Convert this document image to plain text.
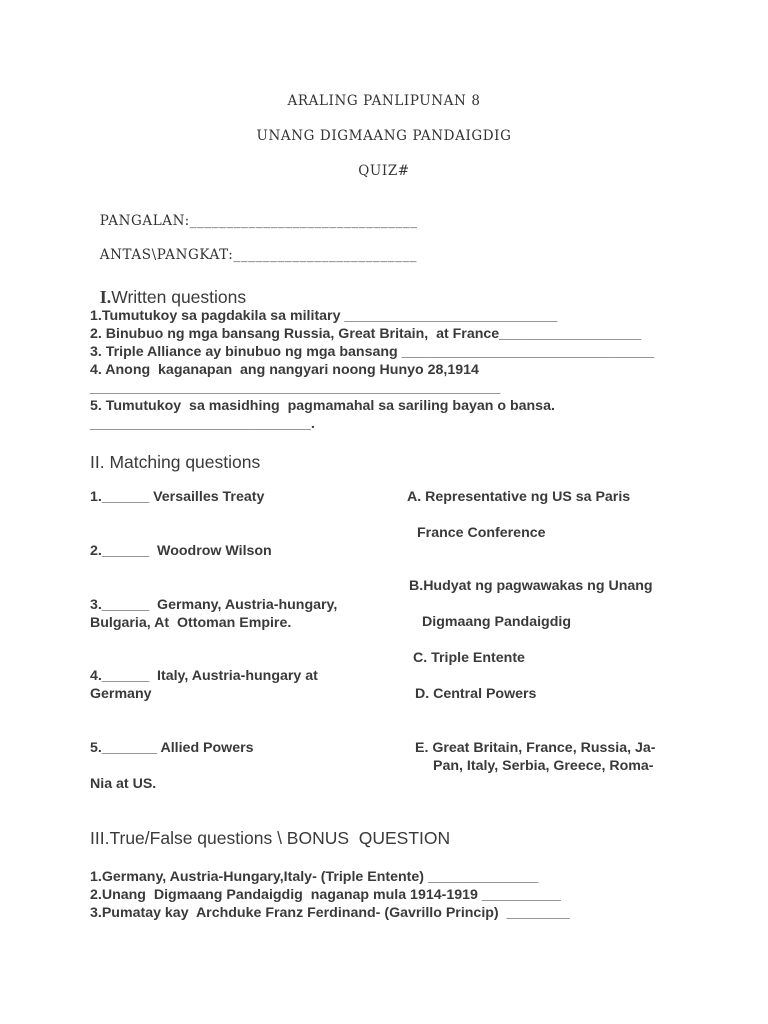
ARALING PANLIPUNAN 8
UNANG DIGMAANG PANDAIGDIG
QUIZ#

PANGALAN:_______________________________

ANTAS\PANGKAT:_________________________

I.Written questions

1.Tumutukoy sa pagdakila sa military ___________________________
2. Binubuo ng mga bansang Russia, Great Britain,  at France__________________
3. Triple Alliance ay binubuo ng mga bansang ________________________________
4. Anong  kaganapan  ang nangyari noong Hunyo 28,1914
____________________________________________________
5. Tumutukoy  sa masidhing  pagmamahal sa sariling bayan o bansa.
____________________________.
II. Matching questions
1.______ Versailles Treaty
2.______  Woodrow Wilson
3.______  Germany, Austria-hungary,
Bulgaria, At  Ottoman Empire.
4.______  Italy, Austria-hungary at
Germany
5._______ Allied Powers
Nia at US.
A. Representative ng US sa Paris
France Conference
B.Hudyat ng pagwawakas ng Unang
Digmaang Pandaigdig
C. Triple Entente
D. Central Powers
E. Great Britain, France, Russia, Ja-
Pan, Italy, Serbia, Greece, Roma-
III.True/False questions \ BONUS  QUESTION
1.Germany, Austria-Hungary,Italy- (Triple Entente) ______________
2.Unang  Digmaang Pandaigdig  naganap mula 1914-1919 __________
3.Pumatay kay  Archduke Franz Ferdinand- (Gavrillo Princip)  ________
